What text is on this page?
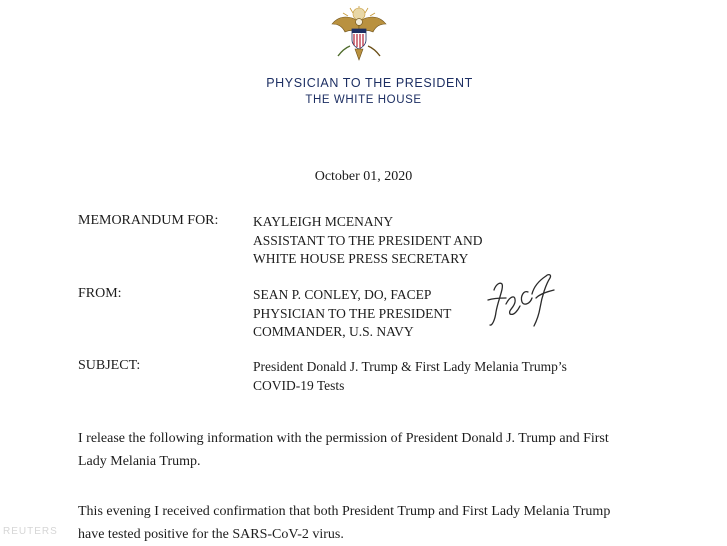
PHYSICIAN TO THE PRESIDENT

THE WHITE HOUSE

October 01, 2020

MEMORANDUM FOR:	KAYLEIGH MCENANY
ASSISTANT TO THE PRESIDENT AND
WHITE HOUSE PRESS SECRETARY

FROM:	SEAN P. CONLEY, DO, FACEP
PHYSICIAN TO THE PRESIDENT
COMMANDER, U.S. NAVY

SUBJECT:	President Donald J. Trump & First Lady Melania Trump’s
COVID-19 Tests

I release the following information with the permission of President Donald J. Trump and First
Lady Melania Trump.

This evening I received confirmation that both President Trump and First Lady Melania Trump
have tested positive for the SARS-CoV-2 virus.

REUTERS
